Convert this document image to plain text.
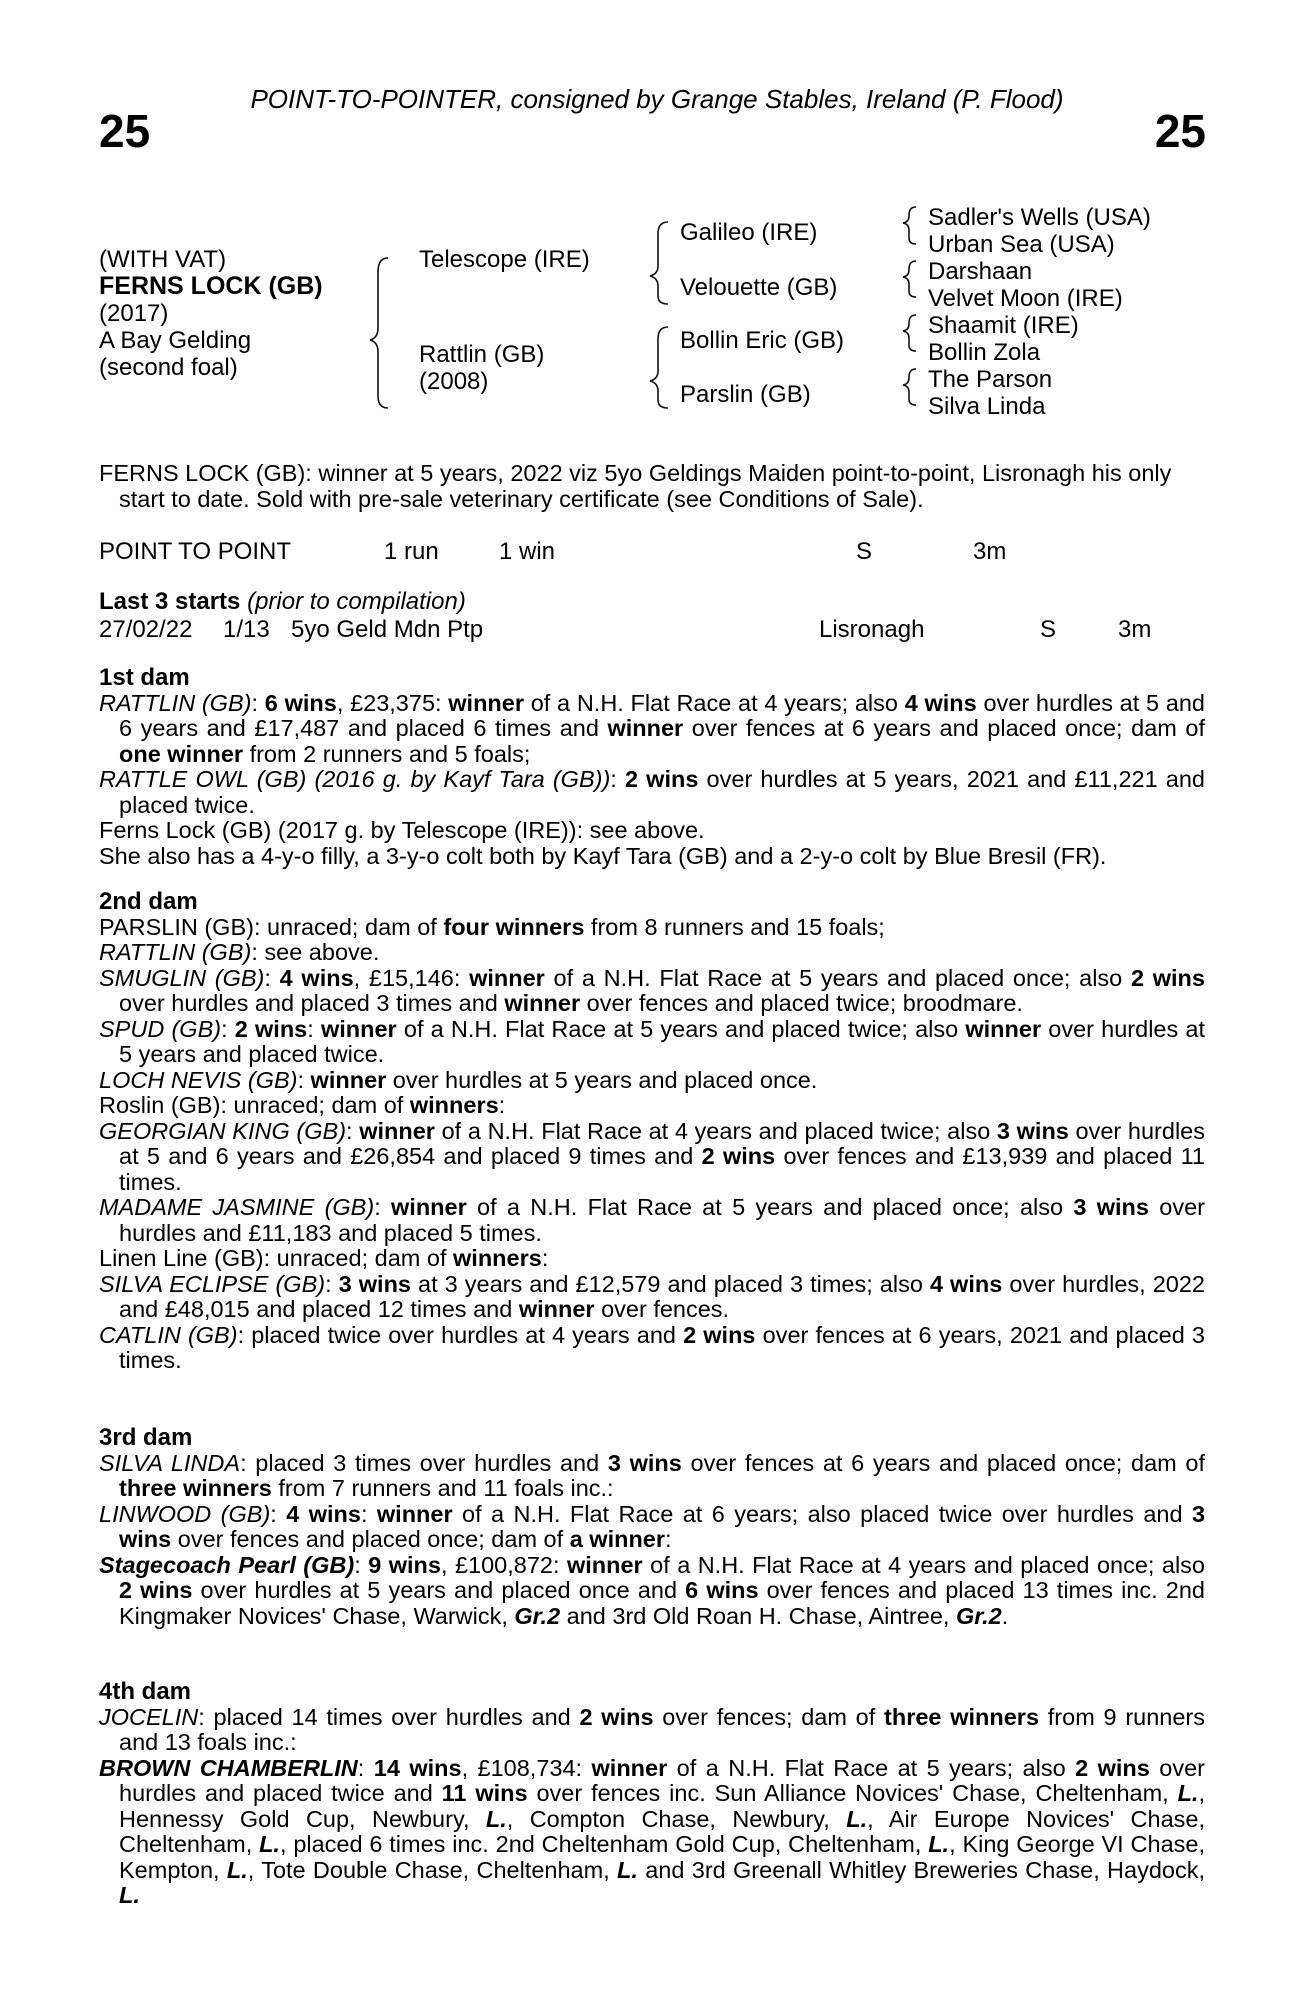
25	25
POINT-TO-POINTER, consigned by Grange Stables, Ireland (P. Flood)
(WITH VAT)
FERNS LOCK (GB)
(2017)
A Bay Gelding
(second foal)
Telescope (IRE)
Rattlin (GB)
(2008)
Galileo (IRE)
Velouette (GB)
Bollin Eric (GB)
Parslin (GB)
Sadler's Wells (USA)
Urban Sea (USA)
Darshaan
Velvet Moon (IRE)
Shaamit (IRE)
Bollin Zola
The Parson
Silva Linda

FERNS LOCK (GB): winner at 5 years, 2022 viz 5yo Geldings Maiden point-to-point, Lisronagh his only start to date. Sold with pre-sale veterinary certificate (see Conditions of Sale).

POINT TO POINT	1 run	1 win	S	3m
Last 3 starts (prior to compilation)
27/02/22 1/13 5yo Geld Mdn Ptp	Lisronagh	S	3m
1st dam

RATTLIN (GB): 6 wins, £23,375: winner of a N.H. Flat Race at 4 years; also 4 wins over hurdles at 5 and 6 years and £17,487 and placed 6 times and winner over fences at 6 years and placed once; dam of one winner from 2 runners and 5 foals;

RATTLE OWL (GB) (2016 g. by Kayf Tara (GB)): 2 wins over hurdles at 5 years, 2021 and £11,221 and placed twice.

Ferns Lock (GB) (2017 g. by Telescope (IRE)): see above.

She also has a 4-y-o filly, a 3-y-o colt both by Kayf Tara (GB) and a 2-y-o colt by Blue Bresil (FR).

2nd dam

PARSLIN (GB): unraced; dam of four winners from 8 runners and 15 foals;

RATTLIN (GB): see above.

SMUGLIN (GB): 4 wins, £15,146: winner of a N.H. Flat Race at 5 years and placed once; also 2 wins over hurdles and placed 3 times and winner over fences and placed twice; broodmare.

SPUD (GB): 2 wins: winner of a N.H. Flat Race at 5 years and placed twice; also winner over hurdles at 5 years and placed twice.

LOCH NEVIS (GB): winner over hurdles at 5 years and placed once.

Roslin (GB): unraced; dam of winners:

GEORGIAN KING (GB): winner of a N.H. Flat Race at 4 years and placed twice; also 3 wins over hurdles at 5 and 6 years and £26,854 and placed 9 times and 2 wins over fences and £13,939 and placed 11 times.

MADAME JASMINE (GB): winner of a N.H. Flat Race at 5 years and placed once; also 3 wins over hurdles and £11,183 and placed 5 times.

Linen Line (GB): unraced; dam of winners:

SILVA ECLIPSE (GB): 3 wins at 3 years and £12,579 and placed 3 times; also 4 wins over hurdles, 2022 and £48,015 and placed 12 times and winner over fences.

CATLIN (GB): placed twice over hurdles at 4 years and 2 wins over fences at 6 years, 2021 and placed 3 times.

3rd dam

SILVA LINDA: placed 3 times over hurdles and 3 wins over fences at 6 years and placed once; dam of three winners from 7 runners and 11 foals inc.:

LINWOOD (GB): 4 wins: winner of a N.H. Flat Race at 6 years; also placed twice over hurdles and 3 wins over fences and placed once; dam of a winner:

Stagecoach Pearl (GB): 9 wins, £100,872: winner of a N.H. Flat Race at 4 years and placed once; also 2 wins over hurdles at 5 years and placed once and 6 wins over fences and placed 13 times inc. 2nd Kingmaker Novices' Chase, Warwick, Gr.2 and 3rd Old Roan H. Chase, Aintree, Gr.2.

4th dam

JOCELIN: placed 14 times over hurdles and 2 wins over fences; dam of three winners from 9 runners and 13 foals inc.:

BROWN CHAMBERLIN: 14 wins, £108,734: winner of a N.H. Flat Race at 5 years; also 2 wins over hurdles and placed twice and 11 wins over fences inc. Sun Alliance Novices' Chase, Cheltenham, L., Hennessy Gold Cup, Newbury, L., Compton Chase, Newbury, L., Air Europe Novices' Chase, Cheltenham, L., placed 6 times inc. 2nd Cheltenham Gold Cup, Cheltenham, L., King George VI Chase, Kempton, L., Tote Double Chase, Cheltenham, L. and 3rd Greenall Whitley Breweries Chase, Haydock, L.
